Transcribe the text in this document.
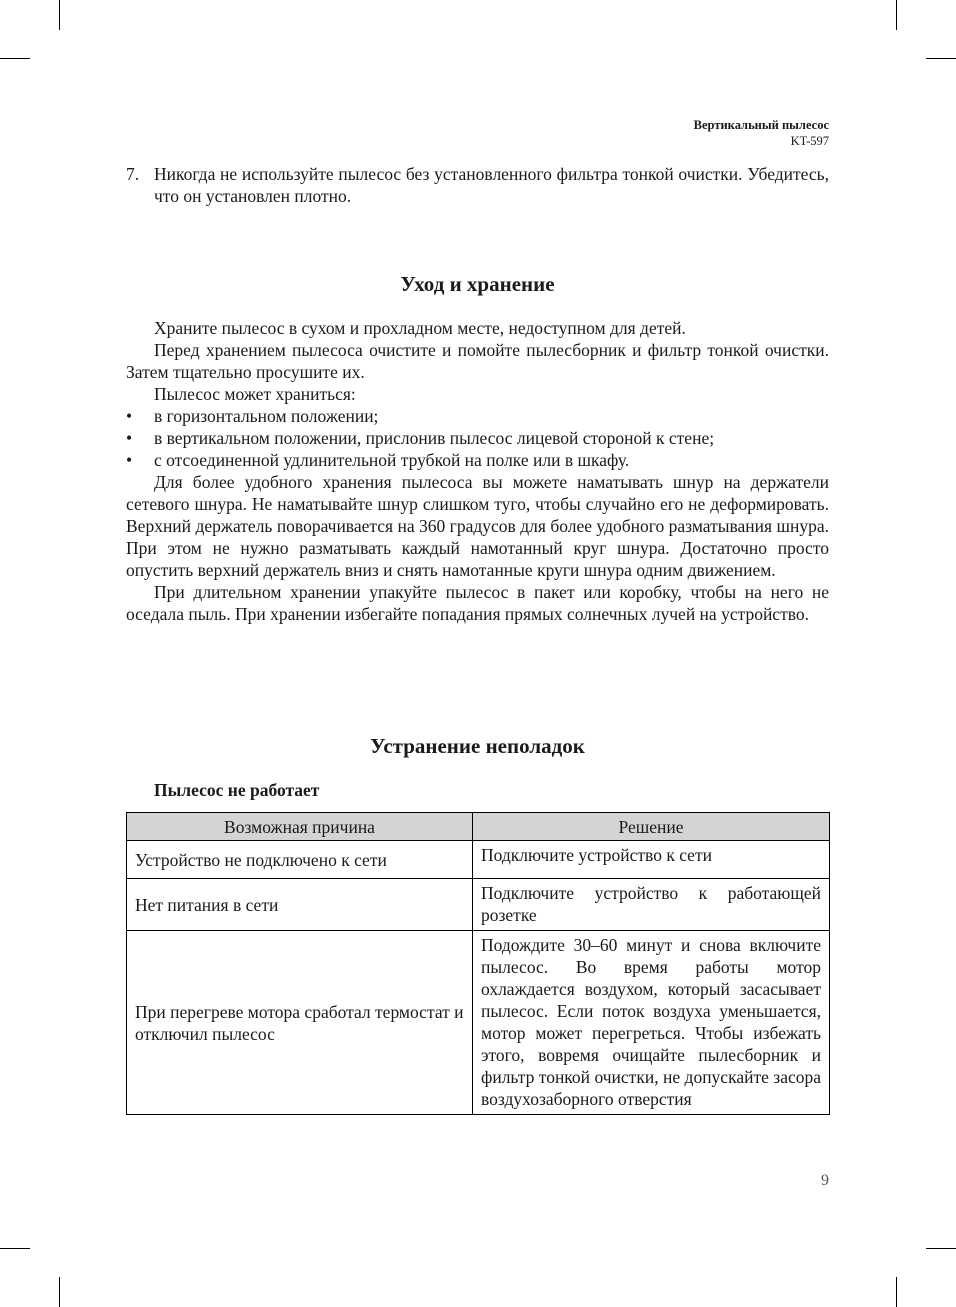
Вертикальный пылесос
KT-597
7. Никогда не используйте пылесос без установленного фильтра тонкой очистки. Убедитесь, что он установлен плотно.
Уход и хранение

Храните пылесос в сухом и прохладном месте, недоступном для детей.

Перед хранением пылесоса очистите и помойте пылесборник и фильтр тонкой очистки. Затем тщательно просушите их.

Пылесос может храниться:

•	в горизонтальном положении;
•	в вертикальном положении, прислонив пылесос лицевой стороной к стене;
•	с отсоединенной удлинительной трубкой на полке или в шкафу.

Для более удобного хранения пылесоса вы можете наматывать шнур на держатели сетевого шнура. Не наматывайте шнур слишком туго, чтобы случайно его не деформировать. Верхний держатель поворачивается на 360 градусов для более удобного разматывания шнура. При этом не нужно разматывать каждый намотанный круг шнура. Достаточно просто опустить верхний держатель вниз и снять намотанные круги шнура одним движением.

При длительном хранении упакуйте пылесос в пакет или коробку, чтобы на него не оседала пыль. При хранении избегайте попадания прямых солнечных лучей на устройство.

Устранение неполадок
Пылесос не работает
Возможная причина	Решение
Устройство не подключено к сети	Подключите устройство к сети
Нет питания в сети	Подключите устройство к работающей розетке
При перегреве мотора сработал термостат и отключил пылесос	Подождите 30–60 минут и снова включите пылесос. Во время работы мотор охлаждается воздухом, который засасывает пылесос. Если поток воздуха уменьшается, мотор может перегреться. Чтобы избежать этого, вовремя очищайте пылесборник и фильтр тонкой очистки, не допускайте засора воздухозаборного отверстия
9
